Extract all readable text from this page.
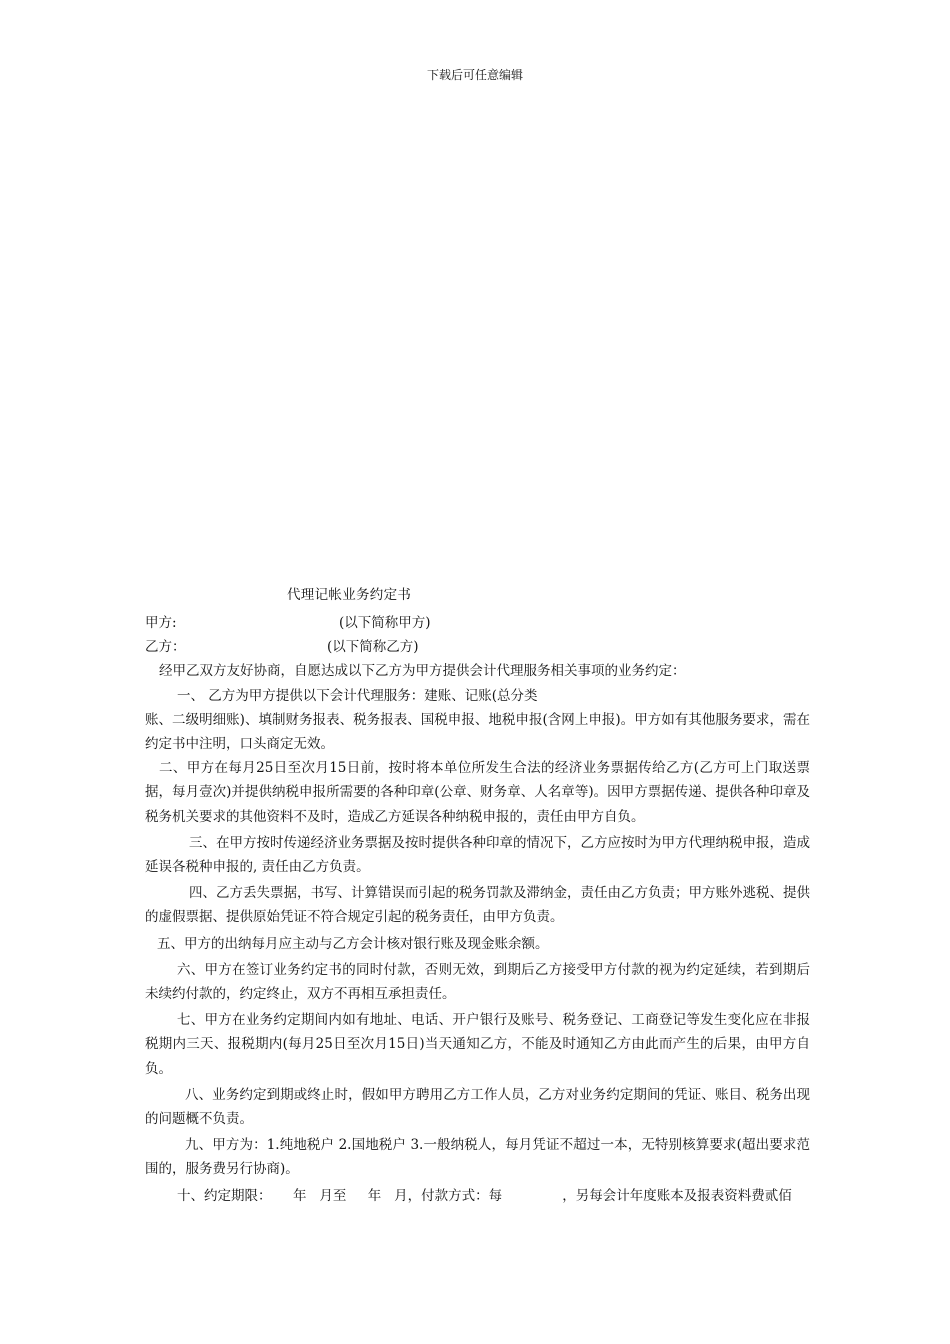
下载后可任意编辑
代理记帐业务约定书
甲方:	(以下简称甲方)
乙方：	(以下简称乙方)

经甲乙双方友好协商，自愿达成以下乙方为甲方提供会计代理服务相关事项的业务约定：

一、 乙方为甲方提供以下会计代理服务：建账、记账(总分类

账、二级明细账)、填制财务报表、税务报表、国税申报、地税申报(含网上申报)。甲方如有其他服务要求，需在约定书中注明，口头商定无效。

二、甲方在每月25日至次月15日前，按时将本单位所发生合法的经济业务票据传给乙方(乙方可上门取送票据，每月壹次)并提供纳税申报所需要的各种印章(公章、财务章、人名章等)。因甲方票据传递、提供各种印章及税务机关要求的其他资料不及时，造成乙方延误各种纳税申报的，责任由甲方自负。

三、在甲方按时传递经济业务票据及按时提供各种印章的情况下，乙方应按时为甲方代理纳税申报，造成延误各税种申报的, 责任由乙方负责。

四、乙方丢失票据，书写、计算错误而引起的税务罚款及滞纳金，责任由乙方负责；甲方账外逃税、提供的虚假票据、提供原始凭证不符合规定引起的税务责任，由甲方负责。

五、甲方的出纳每月应主动与乙方会计核对银行账及现金账余额。

六、甲方在签订业务约定书的同时付款，否则无效，到期后乙方接受甲方付款的视为约定延续，若到期后未续约付款的，约定终止，双方不再相互承担责任。

七、甲方在业务约定期间内如有地址、电话、开户银行及账号、税务登记、工商登记等发生变化应在非报税期内三天、报税期内(每月25日至次月15日)当天通知乙方，不能及时通知乙方由此而产生的后果，由甲方自负。

八、业务约定到期或终止时，假如甲方聘用乙方工作人员，乙方对业务约定期间的凭证、账目、税务出现的问题概不负责。

九、甲方为：1.纯地税户 2.国地税户 3.一般纳税人，每月凭证不超过一本，无特别核算要求(超出要求范围的，服务费另行协商)。

十、约定期限：     年   月至     年   月，付款方式：每              ，另每会计年度账本及报表资料费贰佰
